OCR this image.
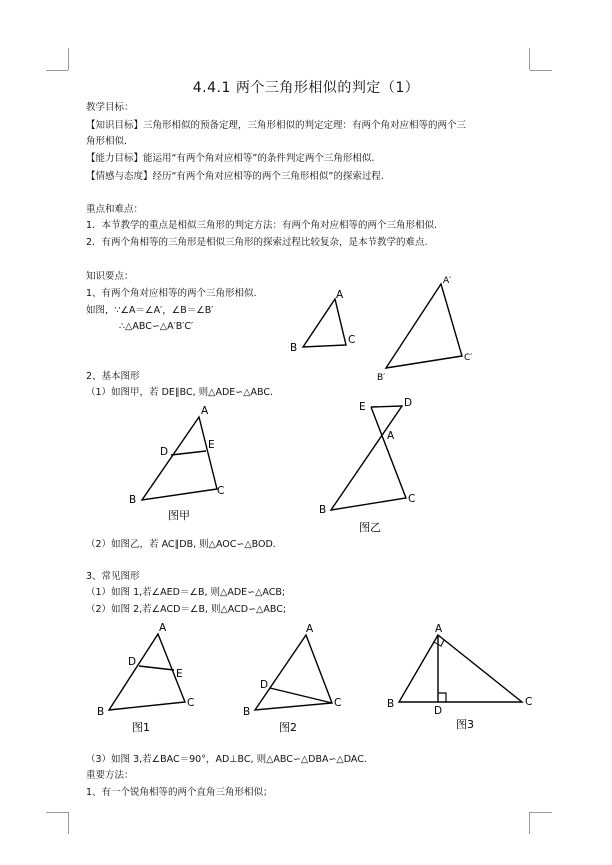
4.4.1 两个三角形相似的判定（1）
教学目标：
【知识目标】三角形相似的预备定理，三角形相似的判定定理：有两个角对应相等的两个三
角形相似.
【能力目标】能运用“有两个角对应相等”的条件判定两个三角形相似.
【情感与态度】经历“有两个角对应相等的两个三角形相似”的探索过程.
重点和难点：
1．本节教学的重点是相似三角形的判定方法：有两个角对应相等的两个三角形相似.
2．有两个角相等的三角形是相似三角形的探索过程比较复杂，是本节教学的难点.
知识要点：
1、有两个角对应相等的两个三角形相似.
如图，∵∠A＝∠A′，∠B＝∠B′
∴△ABC∽△A′B′C′
2、基本图形
（1）如图甲，若 DE∥BC, 则△ADE∽△ABC.
（2）如图乙，若 AC∥DB, 则△AOC∽△BOD.
3、常见图形
（1）如图 1,若∠AED＝∠B, 则△ADE∽△ACB;
（2）如图 2,若∠ACD＝∠B, 则△ACD∽△ABC;
（3）如图 3,若∠BAC＝90°，AD⊥BC, 则△ABC∽△DBA∽△DAC.
重要方法：
1、有一个锐角相等的两个直角三角形相似；
A
B
C
A′
B′
C′
A
B
C
D
E
图甲
E	D
A
B
C
图乙
A
B
C
D
E
图1
A
B
C
D
图2
A
B	C
D
图3
